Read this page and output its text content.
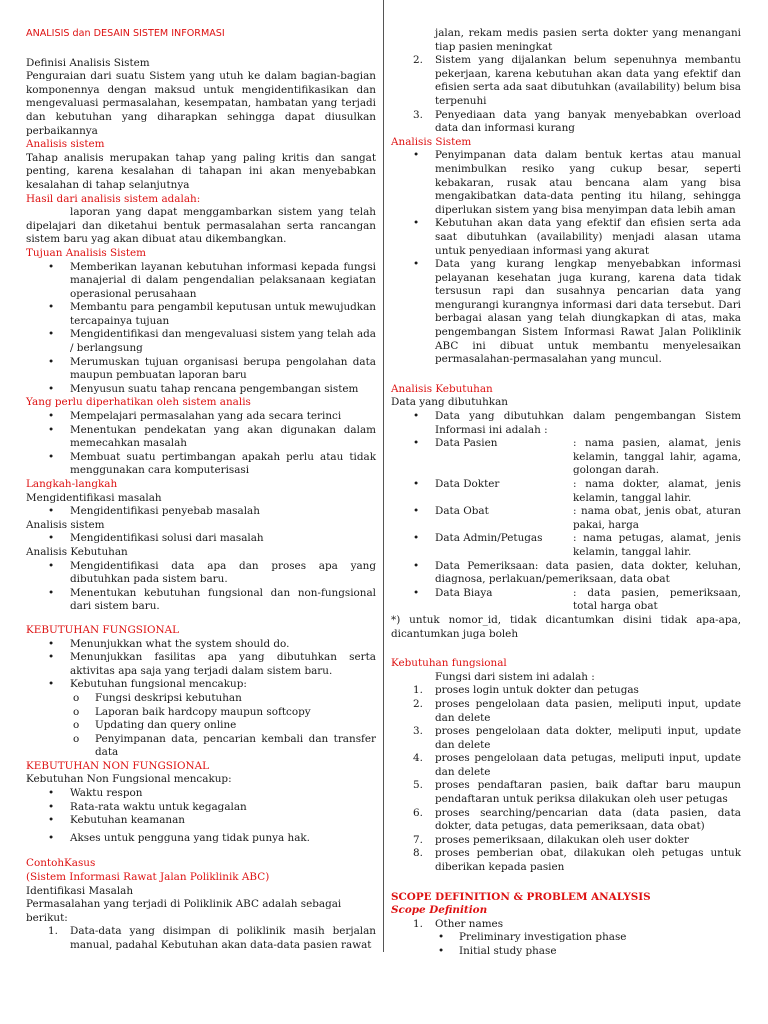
ANALISIS dan DESAIN SISTEM INFORMASI
Definisi Analisis Sistem
Penguraian dari suatu Sistem yang utuh ke dalam bagian-bagian komponennya dengan maksud untuk mengidentifikasikan dan mengevaluasi permasalahan, kesempatan, hambatan yang terjadi dan kebutuhan yang diharapkan sehingga dapat diusulkan perbaikannya
Analisis sistem
Tahap analisis merupakan tahap yang paling kritis dan sangat penting, karena kesalahan di tahapan ini akan menyebabkan kesalahan di tahap selanjutnya
Hasil dari analisis sistem adalah:
laporan yang dapat menggambarkan sistem yang telah dipelajari dan diketahui bentuk permasalahan serta rancangan sistem baru yag akan dibuat atau dikembangkan.
Tujuan Analisis Sistem
• Memberikan layanan kebutuhan informasi kepada fungsi manajerial di dalam pengendalian pelaksanaan kegiatan operasional perusahaan
• Membantu para pengambil keputusan untuk mewujudkan tercapainya tujuan
• Mengidentifikasi dan mengevaluasi sistem yang telah ada / berlangsung
• Merumuskan tujuan organisasi berupa pengolahan data maupun pembuatan laporan baru
• Menyusun suatu tahap rencana pengembangan sistem
Yang perlu diperhatikan oleh sistem analis
• Mempelajari permasalahan yang ada secara terinci
• Menentukan pendekatan yang akan digunakan dalam memecahkan masalah
• Membuat suatu pertimbangan apakah perlu atau tidak menggunakan cara komputerisasi
Langkah-langkah
Mengidentifikasi masalah
• Mengidentifikasi penyebab masalah
Analisis sistem
• Mengidentifikasi solusi dari masalah
Analisis Kebutuhan
• Mengidentifikasi data apa dan proses apa yang dibutuhkan pada sistem baru.
• Menentukan kebutuhan fungsional dan non-fungsional dari sistem baru.
KEBUTUHAN FUNGSIONAL
• Menunjukkan what the system should do.
• Menunjukkan fasilitas apa yang dibutuhkan serta aktivitas apa saja yang terjadi dalam sistem baru.
• Kebutuhan fungsional mencakup:
o Fungsi deskripsi kebutuhan
o Laporan baik hardcopy maupun softcopy
o Updating dan query online
o Penyimpanan data, pencarian kembali dan transfer data
KEBUTUHAN NON FUNGSIONAL
Kebutuhan Non Fungsional mencakup:
• Waktu respon
• Rata-rata waktu untuk kegagalan
• Kebutuhan keamanan
• Akses untuk pengguna yang tidak punya hak.
ContohKasus
(Sistem Informasi Rawat Jalan Poliklinik ABC)
Identifikasi Masalah
Permasalahan yang terjadi di Poliklinik ABC adalah sebagai berikut:
1. Data-data yang disimpan di poliklinik masih berjalan manual, padahal Kebutuhan akan data-data pasien rawat
jalan, rekam medis pasien serta dokter yang menangani tiap pasien meningkat
2. Sistem yang dijalankan belum sepenuhnya membantu pekerjaan, karena kebutuhan akan data yang efektif dan efisien serta ada saat dibutuhkan (availability) belum bisa terpenuhi
3. Penyediaan data yang banyak menyebabkan overload data dan informasi kurang
Analisis Sistem
• Penyimpanan data dalam bentuk kertas atau manual menimbulkan resiko yang cukup besar, seperti kebakaran, rusak atau bencana alam yang bisa mengakibatkan data-data penting itu hilang, sehingga diperlukan sistem yang bisa menyimpan data lebih aman
• Kebutuhan akan data yang efektif dan efisien serta ada saat dibutuhkan (availability) menjadi alasan utama untuk penyediaan informasi yang akurat
• Data yang kurang lengkap menyebabkan informasi pelayanan kesehatan juga kurang, karena data tidak tersusun rapi dan susahnya pencarian data yang mengurangi kurangnya informasi dari data tersebut. Dari berbagai alasan yang telah diungkapkan di atas, maka pengembangan Sistem Informasi Rawat Jalan Poliklinik ABC ini dibuat untuk membantu menyelesaikan permasalahan-permasalahan yang muncul.
Analisis Kebutuhan
Data yang dibutuhkan
• Data yang dibutuhkan dalam pengembangan Sistem Informasi ini adalah :
• Data Pasien	: nama pasien, alamat, jenis kelamin, tanggal lahir, agama, golongan darah.
• Data Dokter	: nama dokter, alamat, jenis kelamin, tanggal lahir.
• Data Obat	: nama obat, jenis obat, aturan pakai, harga
• Data Admin/Petugas	: nama petugas, alamat, jenis kelamin, tanggal lahir.
• Data Pemeriksaan: data pasien, data dokter, keluhan, diagnosa, perlakuan/pemeriksaan, data obat
• Data Biaya	: data pasien, pemeriksaan, total harga obat
*) untuk nomor_id, tidak dicantumkan disini tidak apa-apa, dicantumkan juga boleh
Kebutuhan fungsional
Fungsi dari sistem ini adalah :
1. proses login untuk dokter dan petugas
2. proses pengelolaan data pasien, meliputi input, update dan delete
3. proses pengelolaan data dokter, meliputi input, update dan delete
4. proses pengelolaan data petugas, meliputi input, update dan delete
5. proses pendaftaran pasien, baik daftar baru maupun pendaftaran untuk periksa dilakukan oleh user petugas
6. proses searching/pencarian data (data pasien, data dokter, data petugas, data pemeriksaan, data obat)
7. proses pemeriksaan, dilakukan oleh user dokter
8. proses pemberian obat, dilakukan oleh petugas untuk diberikan kepada pasien
SCOPE DEFINITION & PROBLEM ANALYSIS
Scope Definition
1. Other names
• Preliminary investigation phase
• Initial study phase
